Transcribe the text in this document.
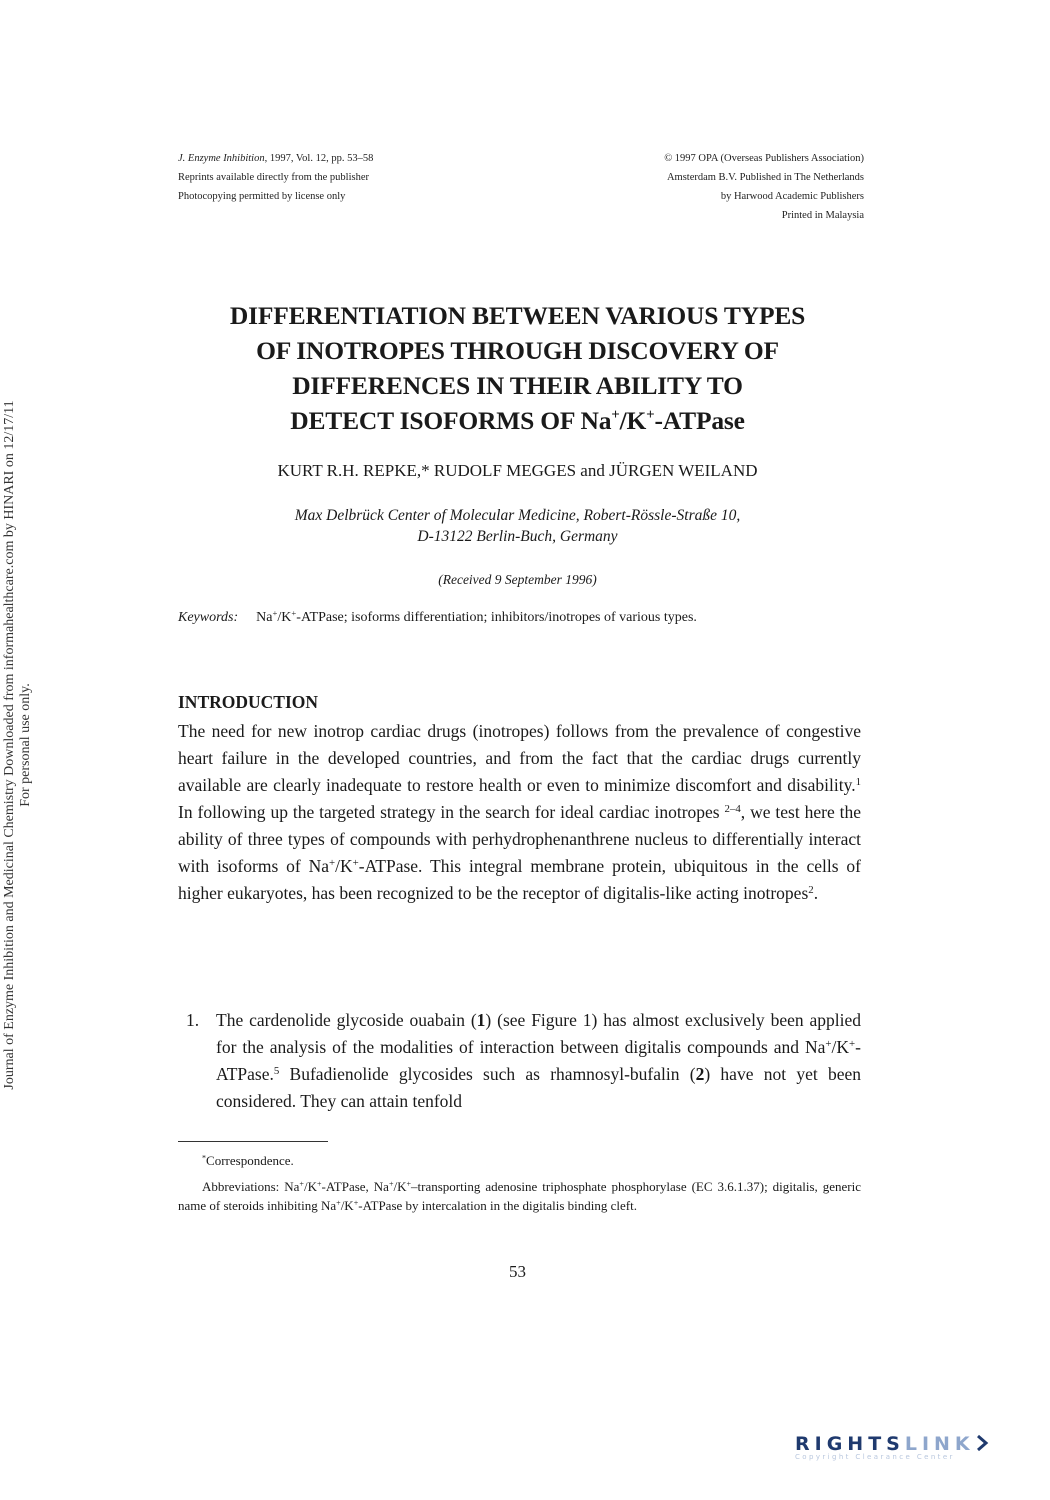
J. Enzyme Inhibition, 1997, Vol. 12, pp. 53–58
Reprints available directly from the publisher
Photocopying permitted by license only
© 1997 OPA (Overseas Publishers Association)
Amsterdam B.V. Published in The Netherlands
by Harwood Academic Publishers
Printed in Malaysia
DIFFERENTIATION BETWEEN VARIOUS TYPES
OF INOTROPES THROUGH DISCOVERY OF
DIFFERENCES IN THEIR ABILITY TO
DETECT ISOFORMS OF Na+/K+-ATPase
KURT R.H. REPKE,* RUDOLF MEGGES and JÜRGEN WEILAND
Max Delbrück Center of Molecular Medicine, Robert-Rössle-Straße 10,
D-13122 Berlin-Buch, Germany
(Received 9 September 1996)
Keywords: Na+/K+-ATPase; isoforms differentiation; inhibitors/inotropes of various types.
INTRODUCTION

The need for new inotrop cardiac drugs (inotropes) follows from the prevalence of congestive heart failure in the developed countries, and from the fact that the cardiac drugs currently available are clearly inadequate to restore health or even to minimize discomfort and disability.$^1$ In following up the targeted strategy in the search for ideal cardiac inotropes $^{2-4}$, we test here the ability of three types of compounds with perhydrophenanthrene nucleus to differentially interact with isoforms of Na+/K+-ATPase. This integral membrane protein, ubiquitous in the cells of higher eukaryotes, has been recognized to be the receptor of digitalis-like acting inotropes$^2$.

1. The cardenolide glycoside ouabain (1) (see Figure 1) has almost exclusively been applied for the analysis of the modalities of interaction between digitalis compounds and Na+/K+-ATPase.$^5$ Bufadienolide glycosides such as rhamnosyl-bufalin (2) have not yet been considered. They can attain tenfold
*Correspondence.
Abbreviations: Na+/K+-ATPase, Na+/K+–transporting adenosine triphosphate phosphorylase (EC 3.6.1.37); digitalis, generic name of steroids inhibiting Na+/K+-ATPase by intercalation in the digitalis binding cleft.
53
Journal of Enzyme Inhibition and Medicinal Chemistry Downloaded from informahealthcare.com by HINARI on 12/17/11 For personal use only.
RIGHTSLINK
Copyright Clearance Center
